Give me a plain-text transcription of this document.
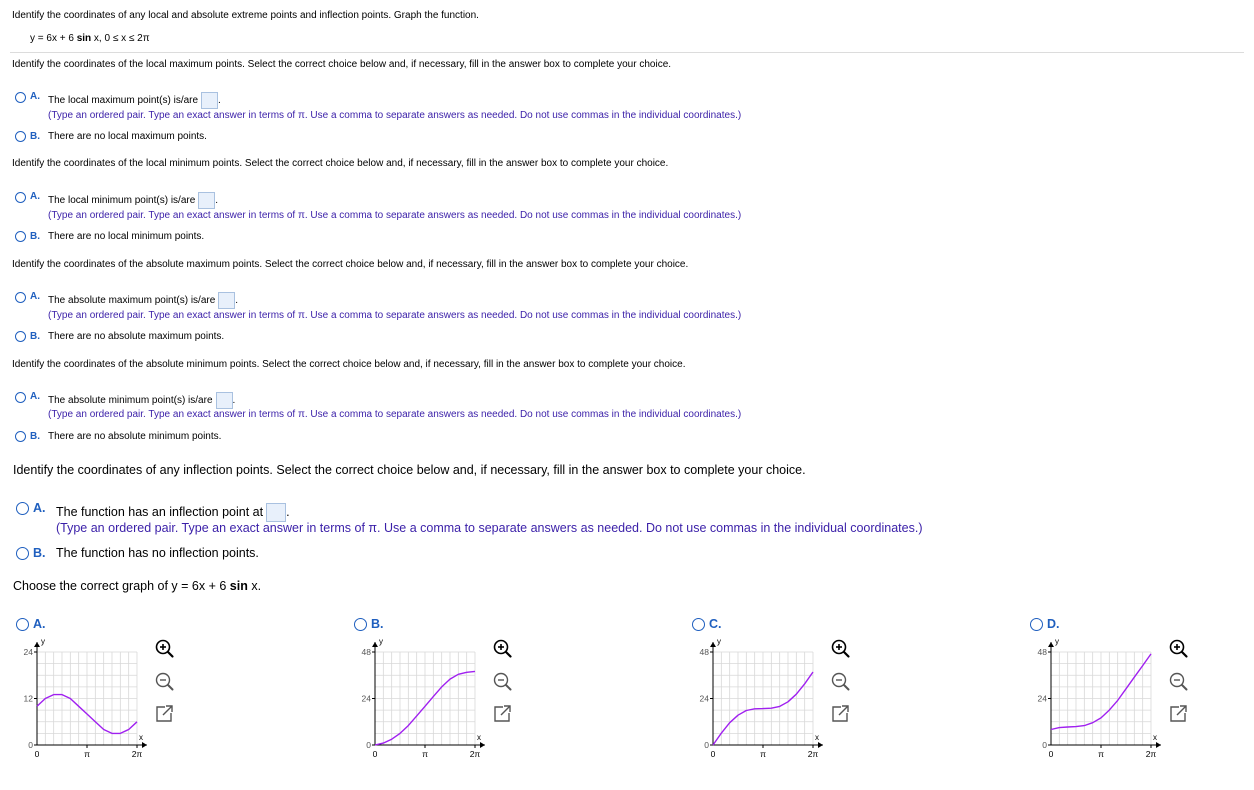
Identify the coordinates of any local and absolute extreme points and inflection points. Graph the function.
y = 6x + 6 sin x, 0 ≤ x ≤ 2π
Identify the coordinates of the local maximum points. Select the correct choice below and, if necessary, fill in the answer box to complete your choice.
A. The local maximum point(s) is/are .
(Type an ordered pair. Type an exact answer in terms of π. Use a comma to separate answers as needed. Do not use commas in the individual coordinates.)
B. There are no local maximum points.
Identify the coordinates of the local minimum points. Select the correct choice below and, if necessary, fill in the answer box to complete your choice.
A. The local minimum point(s) is/are .
(Type an ordered pair. Type an exact answer in terms of π. Use a comma to separate answers as needed. Do not use commas in the individual coordinates.)
B. There are no local minimum points.
Identify the coordinates of the absolute maximum points. Select the correct choice below and, if necessary, fill in the answer box to complete your choice.
A. The absolute maximum point(s) is/are .
(Type an ordered pair. Type an exact answer in terms of π. Use a comma to separate answers as needed. Do not use commas in the individual coordinates.)
B. There are no absolute maximum points.
Identify the coordinates of the absolute minimum points. Select the correct choice below and, if necessary, fill in the answer box to complete your choice.
A. The absolute minimum point(s) is/are .
(Type an ordered pair. Type an exact answer in terms of π. Use a comma to separate answers as needed. Do not use commas in the individual coordinates.)
B. There are no absolute minimum points.
Identify the coordinates of any inflection points. Select the correct choice below and, if necessary, fill in the answer box to complete your choice.
A. The function has an inflection point at .
(Type an ordered pair. Type an exact answer in terms of π. Use a comma to separate answers as needed. Do not use commas in the individual coordinates.)
B. The function has no inflection points.
Choose the correct graph of y = 6x + 6 sin x.
A.
y
x
24
12
0
0	π	2π
B.
y
x
48
24
0
0	π	2π
C.
y
x
48
24
0
0	π	2π
D.
y
x
48
24
0
0	π	2π
